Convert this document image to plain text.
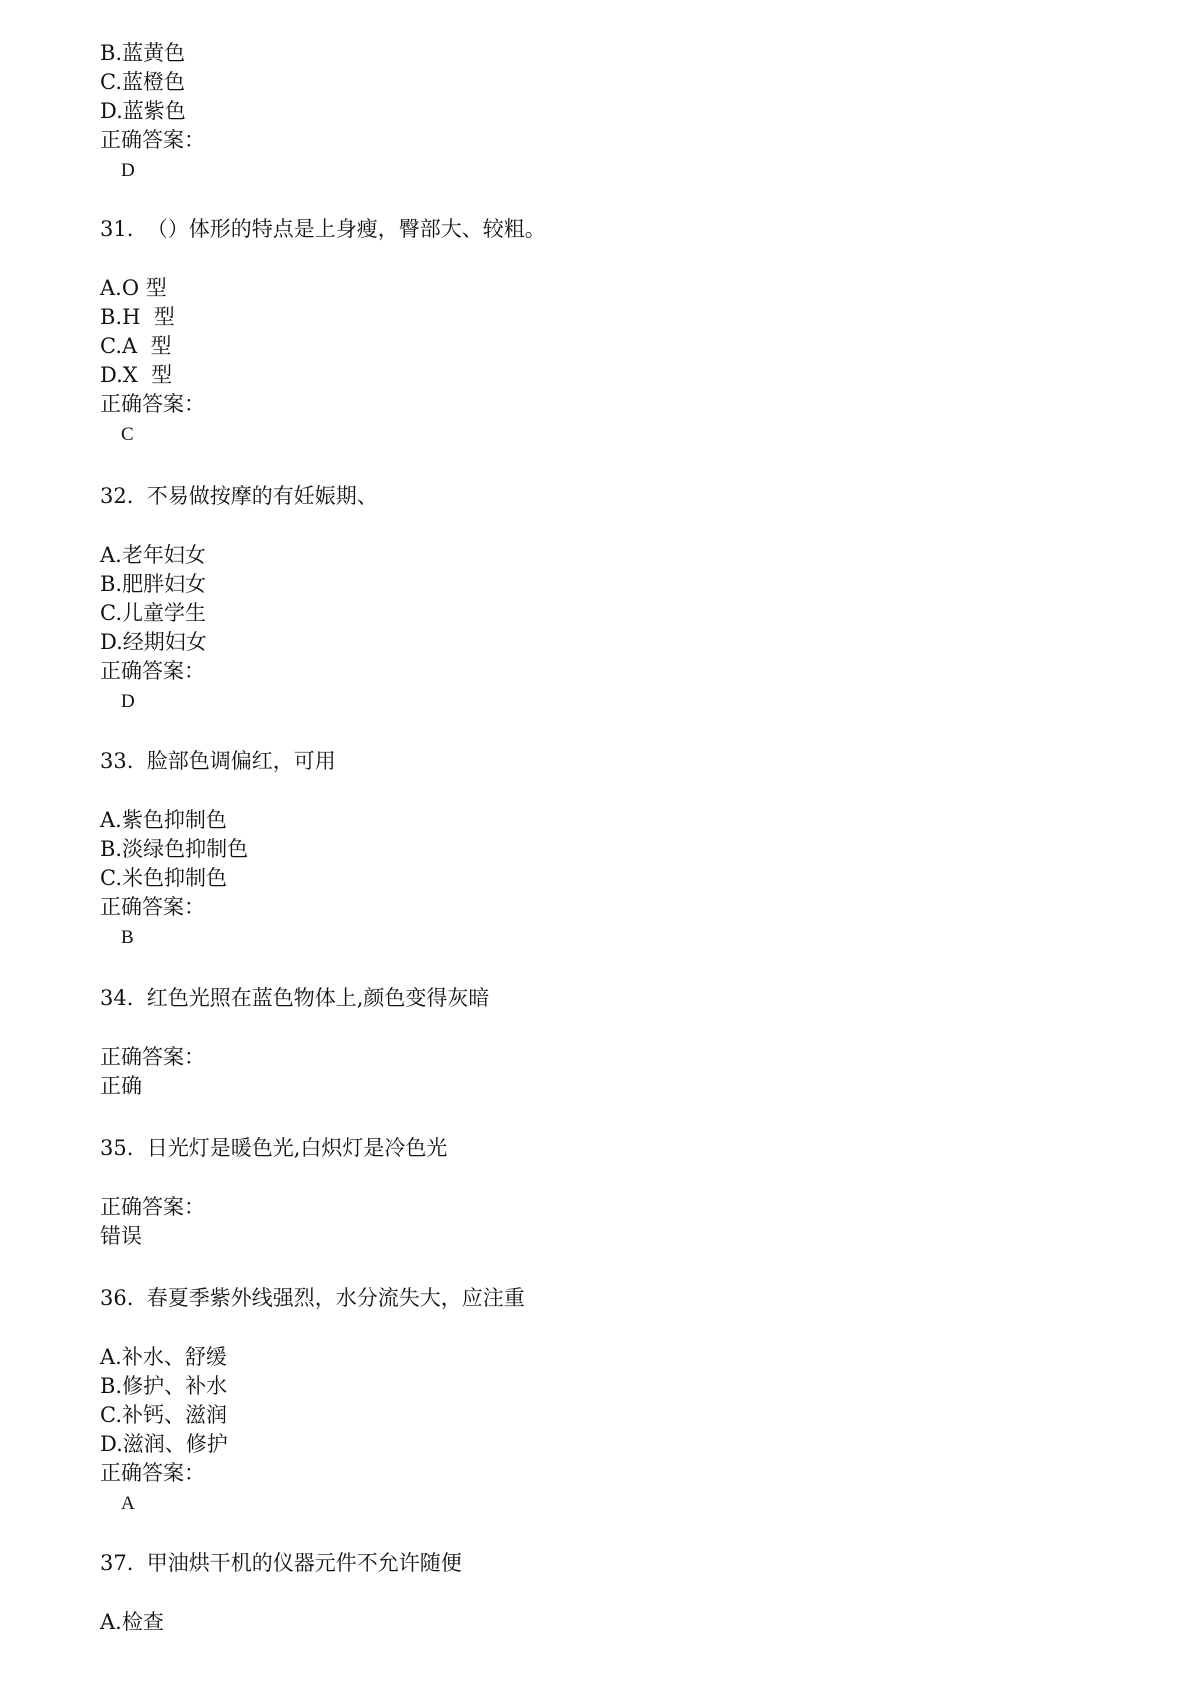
B.蓝黄色
C.蓝橙色
D.蓝紫色
正确答案：
D
31.  （）体形的特点是上身瘦，臀部大、较粗。
A.O 型
B.H  型
C.A  型
D.X  型
正确答案：
C
32.  不易做按摩的有妊娠期、
A.老年妇女
B.肥胖妇女
C.儿童学生
D.经期妇女
正确答案：
D
33.  脸部色调偏红，可用
A.紫色抑制色
B.淡绿色抑制色
C.米色抑制色
正确答案：
B
34.  红色光照在蓝色物体上,颜色变得灰暗
正确答案：
正确
35.  日光灯是暖色光,白炽灯是冷色光
正确答案：
错误
36.  春夏季紫外线强烈，水分流失大，应注重
A.补水、舒缓
B.修护、补水
C.补钙、滋润
D.滋润、修护
正确答案：
A
37.  甲油烘干机的仪器元件不允许随便
A.检查
